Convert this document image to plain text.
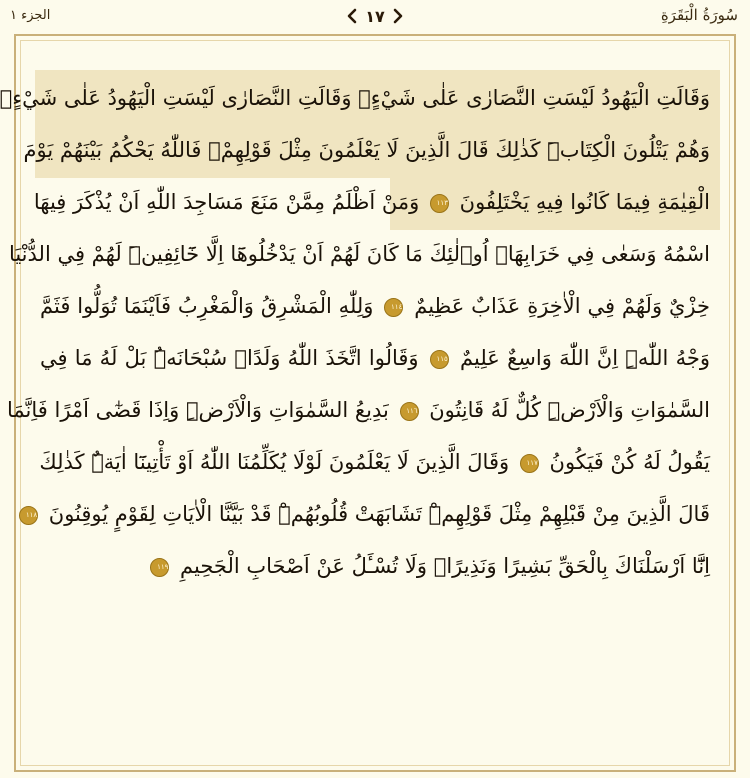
الجزء ١	١٧	سُورَةُ الْبَقَرَةِ
وَقَالَتِ الْيَهُودُ لَيْسَتِ النَّصَارٰى عَلٰى شَيْءٍۖ وَقَالَتِ النَّصَارٰى لَيْسَتِ الْيَهُودُ عَلٰى شَيْءٍۙ
وَهُمْ يَتْلُونَ الْكِتَابَۜ كَذٰلِكَ قَالَ الَّذِينَ لَا يَعْلَمُونَ مِثْلَ قَوْلِهِمْۚ فَاللّٰهُ يَحْكُمُ بَيْنَهُمْ يَوْمَ
الْقِيٰمَةِ فِيمَا كَانُوا فِيهِ يَخْتَلِفُونَ ١١٣ وَمَنْ اَظْلَمُ مِمَّنْ مَنَعَ مَسَاجِدَ اللّٰهِ اَنْ يُذْكَرَ فِيهَا
اسْمُهُ وَسَعٰى فِي خَرَابِهَاۜ اُو۬لٰئِكَ مَا كَانَ لَهُمْ اَنْ يَدْخُلُوهَٓا اِلَّا خَٓائِفِينَۜ لَهُمْ فِي الدُّنْيَا
خِزْيٌ وَلَهُمْ فِي الْاٰخِرَةِ عَذَابٌ عَظِيمٌ ١١٤ وَلِلّٰهِ الْمَشْرِقُ وَالْمَغْرِبُ فَاَيْنَمَا تُوَلُّوا فَثَمَّ
وَجْهُ اللّٰهِۜ اِنَّ اللّٰهَ وَاسِعٌ عَلِيمٌ ١١٥ وَقَالُوا اتَّخَذَ اللّٰهُ وَلَدًاۙ سُبْحَانَهُۜ بَلْ لَهُ مَا فِي
السَّمٰوَاتِ وَالْاَرْضِۜ كُلٌّ لَهُ قَانِتُونَ ١١٦ بَدِيعُ السَّمٰوَاتِ وَالْاَرْضِۜ وَاِذَا قَضٰٓى اَمْرًا فَاِنَّمَا
يَقُولُ لَهُ كُنْ فَيَكُونُ ١١٧ وَقَالَ الَّذِينَ لَا يَعْلَمُونَ لَوْلَا يُكَلِّمُنَا اللّٰهُ اَوْ تَأْتِينَٓا اٰيَةٌۜ كَذٰلِكَ
قَالَ الَّذِينَ مِنْ قَبْلِهِمْ مِثْلَ قَوْلِهِمْۜ تَشَابَهَتْ قُلُوبُهُمْۜ قَدْ بَيَّنَّا الْاٰيَاتِ لِقَوْمٍ يُوقِنُونَ ١١٨
اِنَّٓا اَرْسَلْنَاكَ بِالْحَقِّ بَشِيرًا وَنَذِيرًاۙ وَلَا تُسْـَٔلُ عَنْ اَصْحَابِ الْجَحِيمِ ١١٩
